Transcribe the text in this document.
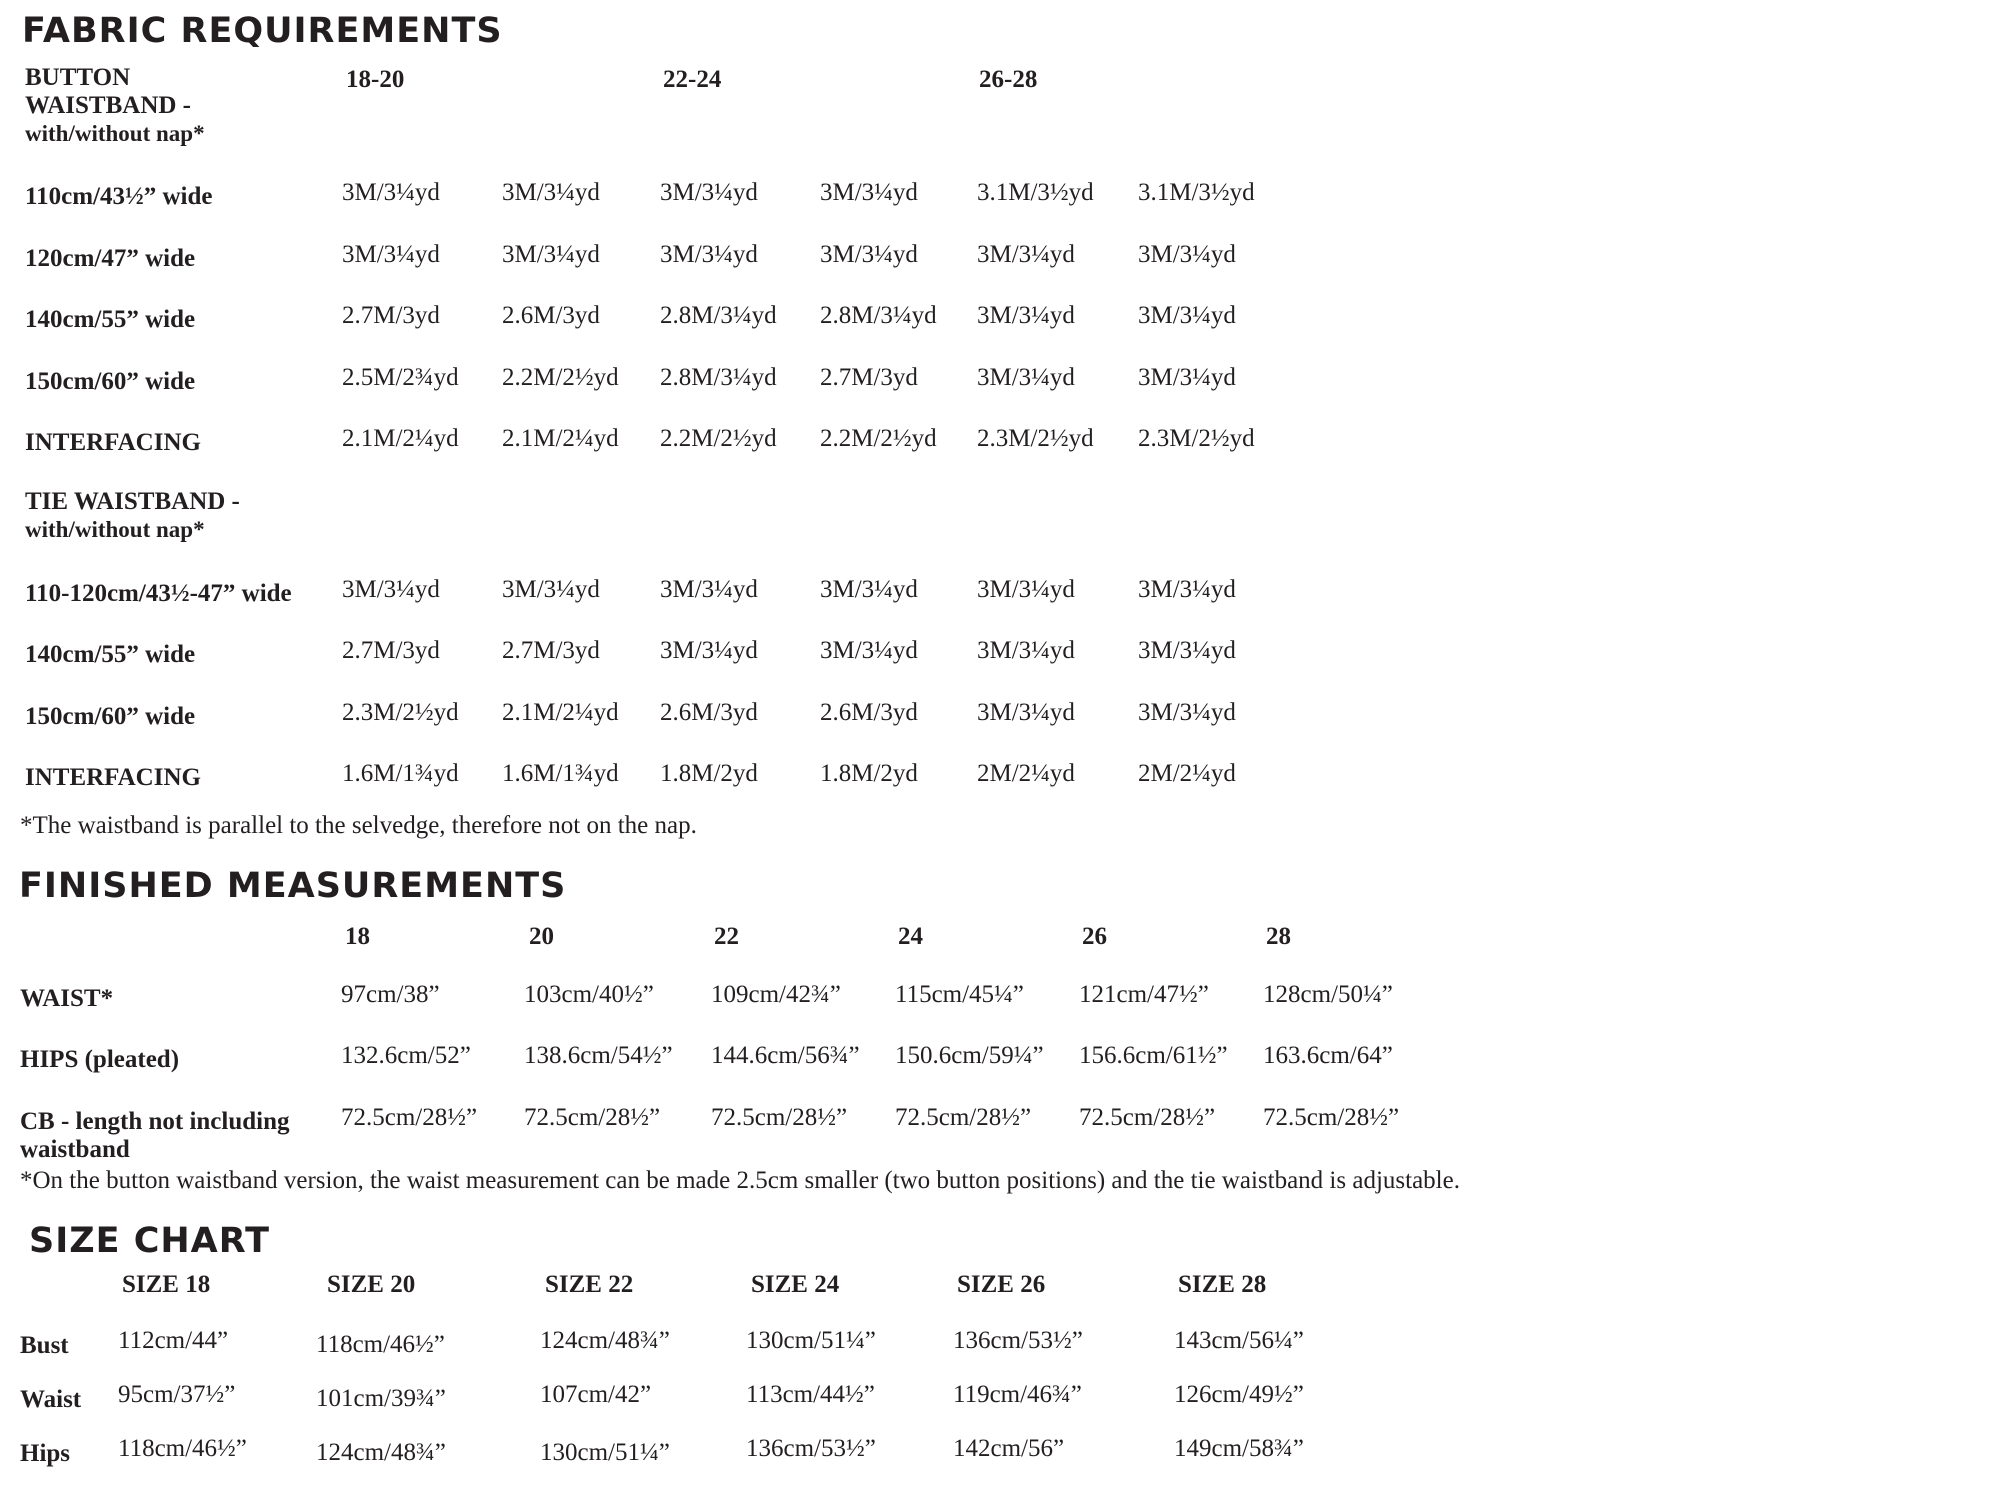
FABRIC REQUIREMENTS
BUTTON
WAISTBAND -
with/without nap*
18-20	22-24	26-28
110cm/43½” wide	3M/3¼yd 3M/3¼yd 3M/3¼yd 3M/3¼yd 3.1M/3½yd 3.1M/3½yd
120cm/47” wide	3M/3¼yd 3M/3¼yd 3M/3¼yd 3M/3¼yd 3M/3¼yd	3M/3¼yd
140cm/55” wide	2.7M/3yd 2.6M/3yd 2.8M/3¼yd 2.8M/3¼yd 3M/3¼yd	3M/3¼yd
150cm/60” wide	2.5M/2¾yd 2.2M/2½yd 2.8M/3¼yd 2.7M/3yd 3M/3¼yd	3M/3¼yd
INTERFACING	2.1M/2¼yd 2.1M/2¼yd 2.2M/2½yd 2.2M/2½yd 2.3M/2½yd 2.3M/2½yd
TIE WAISTBAND -
with/without nap*
110-120cm/43½-47” wide 3M/3¼yd 3M/3¼yd 3M/3¼yd 3M/3¼yd 3M/3¼yd	3M/3¼yd
140cm/55” wide	2.7M/3yd 2.7M/3yd 3M/3¼yd 3M/3¼yd 3M/3¼yd	3M/3¼yd
150cm/60” wide	2.3M/2½yd 2.1M/2¼yd 2.6M/3yd 2.6M/3yd 3M/3¼yd	3M/3¼yd
INTERFACING	1.6M/1¾yd 1.6M/1¾yd 1.8M/2yd 1.8M/2yd 2M/2¼yd	2M/2¼yd
*The waistband is parallel to the selvedge, therefore not on the nap.
FINISHED MEASUREMENTS
18	20	22	24	26	28
WAIST*	97cm/38”	103cm/40½” 109cm/42¾” 115cm/45¼” 121cm/47½” 128cm/50¼”
HIPS (pleated)	132.6cm/52” 138.6cm/54½” 144.6cm/56¾” 150.6cm/59¼” 156.6cm/61½” 163.6cm/64”
CB - length not including
waistband
72.5cm/28½” 72.5cm/28½” 72.5cm/28½” 72.5cm/28½” 72.5cm/28½” 72.5cm/28½”
*On the button waistband version, the waist measurement can be made 2.5cm smaller (two button positions) and the tie waistband is adjustable.
SIZE CHART
SIZE 18	SIZE 20	SIZE 22	SIZE 24	SIZE 26	SIZE 28
Bust 112cm/44”	118cm/46½”	124cm/48¾”	130cm/51¼”	136cm/53½”	143cm/56¼”
Waist 95cm/37½”	101cm/39¾”	107cm/42”	113cm/44½”	119cm/46¾”	126cm/49½”
Hips 118cm/46½”	124cm/48¾”	130cm/51¼”	136cm/53½”	142cm/56”	149cm/58¾”
